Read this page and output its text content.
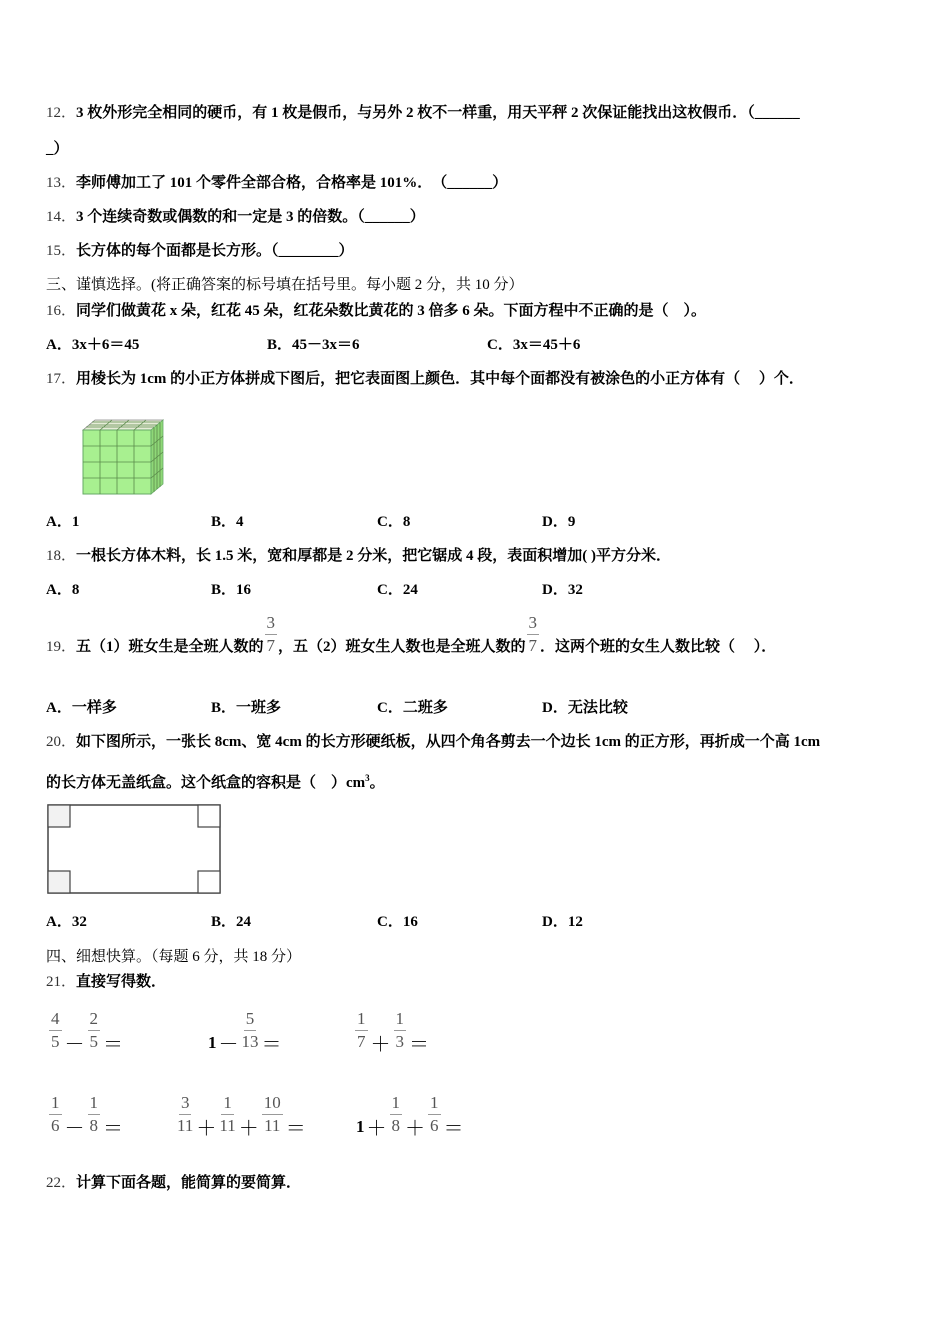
12．3 枚外形完全相同的硬币，有 1 枚是假币，与另外 2 枚不一样重，用天平秤 2 次保证能找出这枚假币．（______
_）
13．李师傅加工了 101 个零件全部合格，合格率是 101%．　（______）
14．3 个连续奇数或偶数的和一定是 3 的倍数。（______）
15．长方体的每个面都是长方形。（________）
三、谨慎选择。(将正确答案的标号填在括号里。每小题 2 分，共 10 分）
16．同学们做黄花 x 朵，红花 45 朵，红花朵数比黄花的 3 倍多 6 朵。下面方程中不正确的是（　）。
A．3x＋6＝45	B．45－3x＝6	C．3x＝45＋6
17．用棱长为 1cm 的小正方体拼成下图后，把它表面图上颜色．其中每个面都没有被涂色的小正方体有（　 ）个．
A．1	B．4	C．8	D．9
18．一根长方体木料，长 1.5 米，宽和厚都是 2 分米，把它锯成 4 段，表面积增加( )平方分米．
A．8	B．16	C．24	D．32
19． 五（1）班女生是全班人数的 $\frac{3}{7}$ ，五（2）班女生人数也是全班人数的 $\frac{3}{7}$ ．这两个班的女生人数比较（　 ）．
A．一样多	B．一班多	C．二班多	D．无法比较
20．如下图所示，一张长 8cm、宽 4cm 的长方形硬纸板，从四个角各剪去一个边长 1cm 的正方形，再折成一个高 1cm
的长方体无盖纸盒。这个纸盒的容积是（　）$cm^3$。
A．32	B．24	C．16	D．12
四、细想快算。（每题 6 分，共 18 分）
21．直接写得数．
$\frac{4}{5} - \frac{2}{5}$ ＝	$1 - \frac{5}{13}$ ＝	$\frac{1}{7} + \frac{1}{3}$ ＝
$\frac{1}{6} - \frac{1}{8}$ ＝	$\frac{3}{11} + \frac{1}{11} + \frac{10}{11}$ ＝	$1 + \frac{1}{8} + \frac{1}{6}$ ＝
22．计算下面各题，能简算的要简算．
